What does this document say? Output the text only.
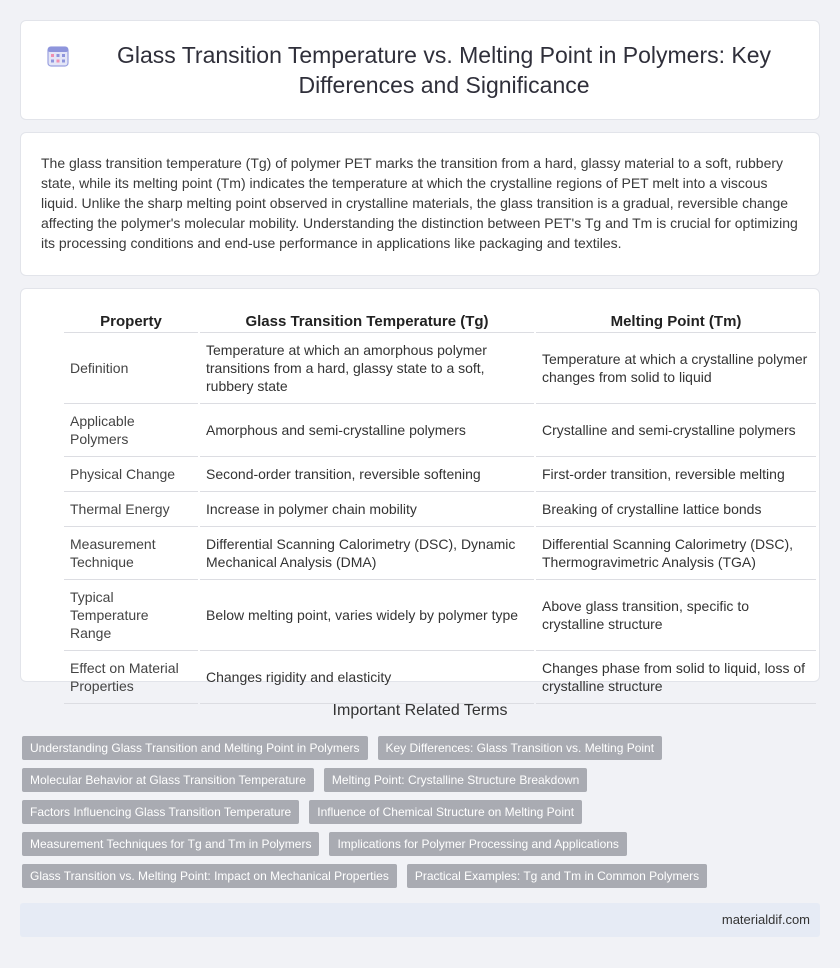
Glass Transition Temperature vs. Melting Point in Polymers: Key Differences and Significance

The glass transition temperature (Tg) of polymer PET marks the transition from a hard, glassy material to a soft, rubbery state, while its melting point (Tm) indicates the temperature at which the crystalline regions of PET melt into a viscous liquid. Unlike the sharp melting point observed in crystalline materials, the glass transition is a gradual, reversible change affecting the polymer's molecular mobility. Understanding the distinction between PET's Tg and Tm is crucial for optimizing its processing conditions and end-use performance in applications like packaging and textiles.

Property	Glass Transition Temperature (Tg)	Melting Point (Tm)
Definition	Temperature at which an amorphous polymer transitions from a hard, glassy state to a soft, rubbery state	Temperature at which a crystalline polymer changes from solid to liquid
Applicable Polymers	Amorphous and semi-crystalline polymers	Crystalline and semi-crystalline polymers
Physical Change	Second-order transition, reversible softening	First-order transition, reversible melting
Thermal Energy	Increase in polymer chain mobility	Breaking of crystalline lattice bonds
Measurement Technique	Differential Scanning Calorimetry (DSC), Dynamic Mechanical Analysis (DMA)	Differential Scanning Calorimetry (DSC), Thermogravimetric Analysis (TGA)
Typical Temperature Range	Below melting point, varies widely by polymer type	Above glass transition, specific to crystalline structure
Effect on Material Properties	Changes rigidity and elasticity	Changes phase from solid to liquid, loss of crystalline structure
Important Related Terms
Understanding Glass Transition and Melting Point in Polymers	Key Differences: Glass Transition vs. Melting Point
Molecular Behavior at Glass Transition Temperature	Melting Point: Crystalline Structure Breakdown
Factors Influencing Glass Transition Temperature	Influence of Chemical Structure on Melting Point
Measurement Techniques for Tg and Tm in Polymers	Implications for Polymer Processing and Applications
Glass Transition vs. Melting Point: Impact on Mechanical Properties	Practical Examples: Tg and Tm in Common Polymers
materialdif.com
